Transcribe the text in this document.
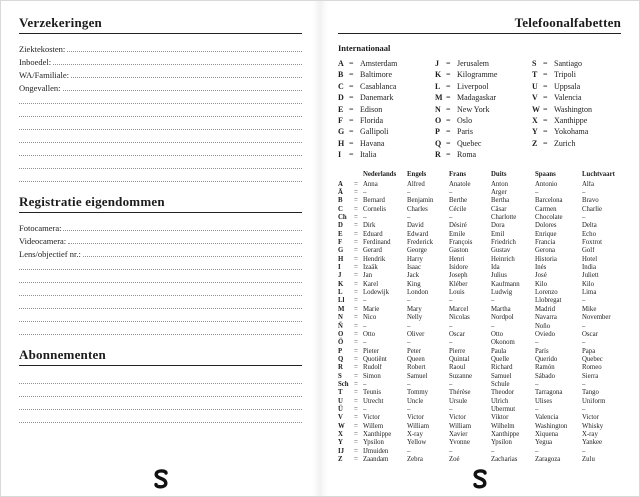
Verzekeringen
Ziektekosten:
Inboedel:
WA/Familiale:
Ongevallen:
Registratie eigendommen
Fotocamera:
Videocamera:
Lens/objectief nr.:
Abonnementen
Telefoonalfabetten
Internationaal
A = Amsterdam
B = Baltimore
C = Casablanca
D = Danemark
E = Edison
F = Florida
G = Gallipoli
H = Havana
I = Italia
J = Jerusalem
K = Kilogramme
L = Liverpool
M = Madagaskar
N = New York
O = Oslo
P = Paris
Q = Quebec
R = Roma
S = Santiago
T = Tripoli
U = Uppsala
V = Valencia
W = Washington
X = Xanthippe
Y = Yokohama
Z = Zurich
Nederlands	Engels	Frans	Duits	Spaans	Luchtvaart
A	= Anna	Alfred	Anatole	Anton	Antonio	Alfa
Ä	= –	–	–	Ärger	–	–
B	= Bernard	Benjamin	Berthe	Bertha	Barcelona	Bravo
C	= Cornelis	Charles	Cécile	Cäsar	Carmen	Charlie
Ch	= –	–	–	Charlotte	Chocolate	–
D	= Dirk	David	Désiré	Dora	Dolores	Delta
E	= Eduard	Edward	Émile	Emil	Enrique	Echo
F	= Ferdinand	Frederick	François	Friedrich	Francia	Foxtrot
G	= Gerard	George	Gaston	Gustav	Gerona	Golf
H	= Hendrik	Harry	Henri	Heinrich	Historia	Hotel
I	= Izaäk	Isaac	Isidore	Ida	Inés	India
J	= Jan	Jack	Joseph	Julius	José	Juliett
K	= Karel	King	Kléber	Kaufmann	Kilo	Kilo
L	= Lodewijk	London	Louis	Ludwig	Lorenzo	Lima
Ll	= –	–	–	–	Llobregat	–
M	= Marie	Mary	Marcel	Martha	Madrid	Mike
N	= Nico	Nelly	Nicolas	Nordpol	Navarra	November
Ñ	= –	–	–	–	Ñoño	–
O	= Otto	Oliver	Oscar	Otto	Oviedo	Oscar
Ö	= –	–	–	Ökonom	–	–
P	= Pieter	Peter	Pierre	Paula	París	Papa
Q	= Quotiënt	Queen	Quintal	Quelle	Querido	Quebec
R	= Rudolf	Robert	Raoul	Richard	Ramón	Romeo
S	= Simon	Samuel	Suzanne	Samuel	Sábado	Sierra
Sch = –	–	–	Schule	–	–
T	= Teunis	Tommy	Thérèse	Theodor	Tarragona	Tango
U	= Utrecht	Uncle	Ursule	Ulrich	Ulises	Uniform
Ü	= –	–	–	Übermut	–	–
V	= Victor	Victor	Victor	Viktor	Valencia	Victor
W	= Willem	William	William	Wilhelm	Washington	Whisky
X	= Xanthippe	X-ray	Xavier	Xanthippe	Xiquena	X-ray
Y	= Ypsilon	Yellow	Yvonne	Ypsilon	Yegua	Yankee
IJ	= IJmuiden	–	–	–	–	–
Z	= Zaandam	Zebra	Zoé	Zacharias	Zaragoza	Zulu
